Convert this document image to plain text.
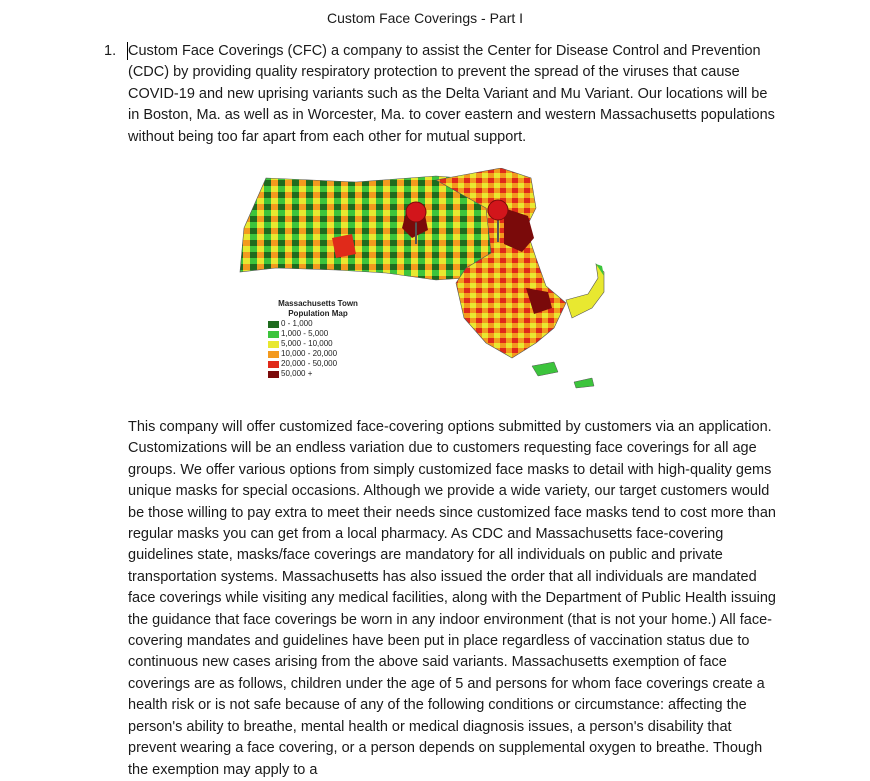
Custom Face Coverings - Part I
1. Custom Face Coverings (CFC) a company to assist the Center for Disease Control and Prevention (CDC) by providing quality respiratory protection to prevent the spread of the viruses that cause COVID-19 and new uprising variants such as the Delta Variant and Mu Variant. Our locations will be in Boston, Ma. as well as in Worcester, Ma. to cover eastern and western Massachusetts populations without being too far apart from each other for mutual support.

Massachusetts Town
Population Map
0 - 1,000
1,000 - 5,000
5,000 - 10,000
10,000 - 20,000
20,000 - 50,000
50,000 +

This company will offer customized face-covering options submitted by customers via an application. Customizations will be an endless variation due to customers requesting face coverings for all age groups. We offer various options from simply customized face masks to detail with high-quality gems unique masks for special occasions. Although we provide a wide variety, our target customers would be those willing to pay extra to meet their needs since customized face masks tend to cost more than regular masks you can get from a local pharmacy. As CDC and Massachusetts face-covering guidelines state, masks/face coverings are mandatory for all individuals on public and private transportation systems. Massachusetts has also issued the order that all individuals are mandated face coverings while visiting any medical facilities, along with the Department of Public Health issuing the guidance that face coverings be worn in any indoor environment (that is not your home.) All face-covering mandates and guidelines have been put in place regardless of vaccination status due to continuous new cases arising from the above said variants. Massachusetts exemption of face coverings are as follows, children under the age of 5 and persons for whom face coverings create a health risk or is not safe because of any of the following conditions or circumstance: affecting the person's ability to breathe, mental health or medical diagnosis issues, a person's disability that prevent wearing a face covering, or a person depends on supplemental oxygen to breathe. Though the exemption may apply to a
